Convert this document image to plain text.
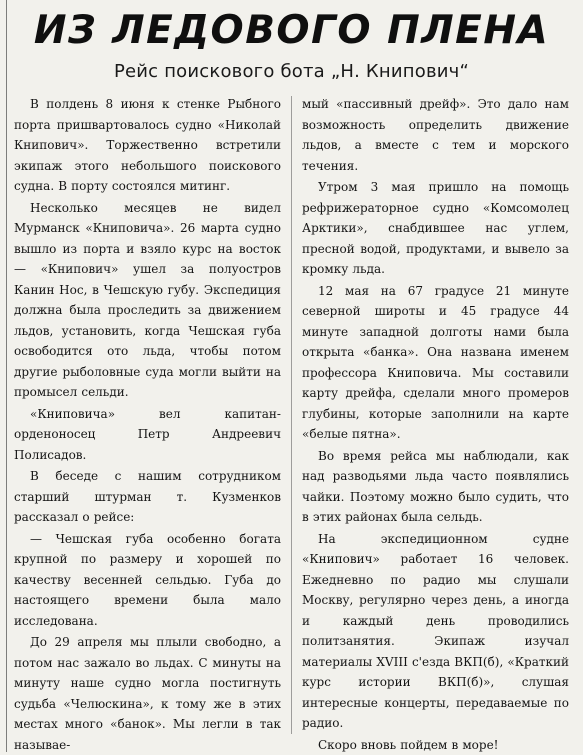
ИЗ ЛЕДОВОГО ПЛЕНА
Рейс поискового бота „Н. Книпович“

В полдень 8 июня к стенке Рыбного порта пришвартовалось судно «Николай Книпович». Торжественно встретили экипаж этого небольшого поискового судна. В порту состоялся митинг.

Несколько месяцев не видел Мурманск «Книповича». 26 марта судно вышло из порта и взяло курс на восток — «Книпович» ушел за полуостров Канин Нос, в Чешскую губу. Экспедиция должна была проследить за движением льдов, установить, когда Чешская губа освободится ото льда, чтобы потом другие рыболовные суда могли выйти на промысел сельди.

«Книповича» вел капитан-орденоносец Петр Андреевич Полисадов.

В беседе с нашим сотрудником старший штурман т. Кузменков рассказал о рейсе:

— Чешская губа особенно богата крупной по размеру и хорошей по качеству весенней сельдью. Губа до настоящего времени была мало исследована.

До 29 апреля мы плыли свободно, а потом нас зажало во льдах. С минуты на минуту наше судно могла постигнуть судьба «Челюскина», к тому же в этих местах много «банок». Мы легли в так называе-

мый «пассивный дрейф». Это дало нам возможность определить движение льдов, а вместе с тем и морского течения.

Утром 3 мая пришло на помощь рефрижераторное судно «Комсомолец Арктики», снабдившее нас углем, пресной водой, продуктами, и вывело за кромку льда.

12 мая на 67 градусе 21 минуте северной широты и 45 градусе 44 минуте западной долготы нами была открыта «банка». Она названа именем профессора Книповича. Мы составили карту дрейфа, сделали много промеров глубины, которые заполнили на карте «белые пятна».

Во время рейса мы наблюдали, как над разводьями льда часто появлялись чайки. Поэтому можно было судить, что в этих районах была сельдь.

На экспедиционном судне «Книпович» работает 16 человек. Ежедневно по радио мы слушали Москву, регулярно через день, а иногда и каждый день проводились политзанятия. Экипаж изучал материалы XVIII с'езда ВКП(б), «Краткий курс истории ВКП(б)», слушая интересные концерты, передаваемые по радио.

Скоро вновь пойдем в море!
